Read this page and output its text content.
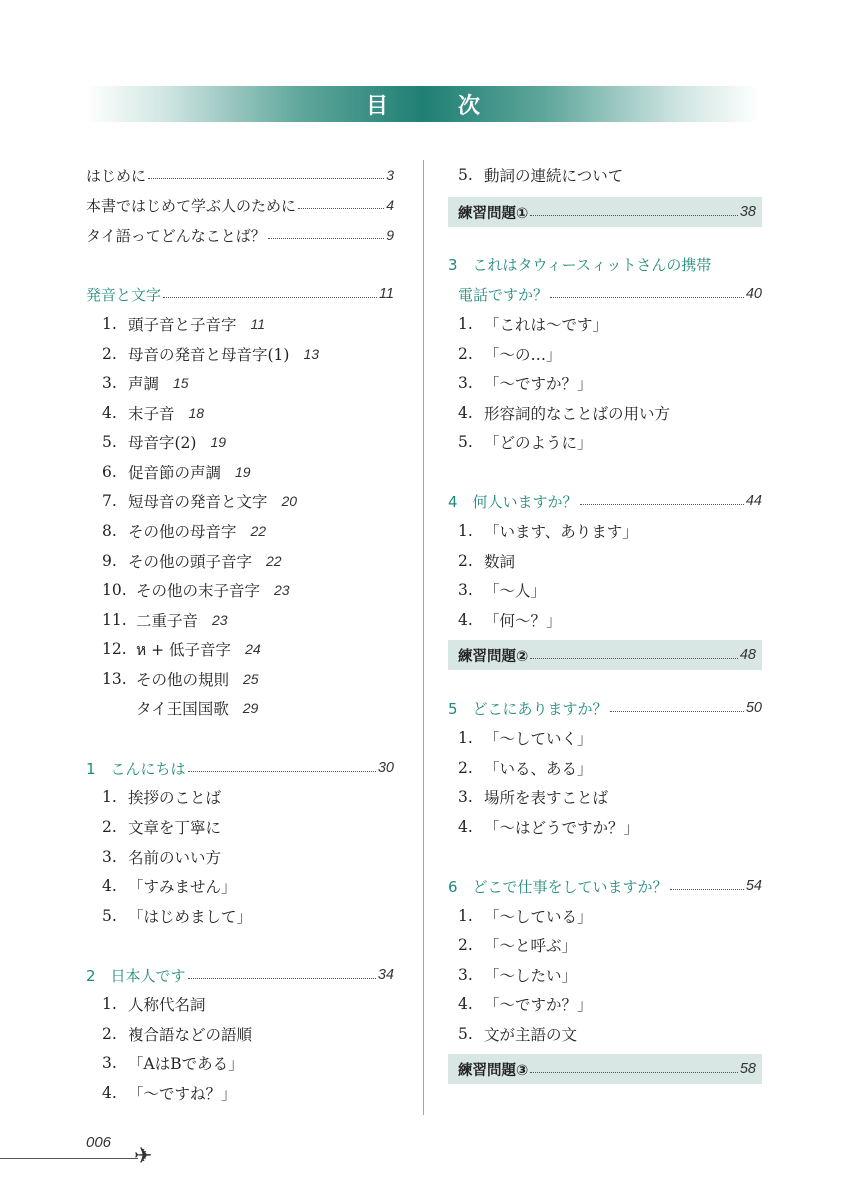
目　次
はじめに	3
本書ではじめて学ぶ人のために	4
タイ語ってどんなことば？	9
発音と文字	11
1. 頭子音と子音字 11
2. 母音の発音と母音字(1) 13
3. 声調 15
4. 末子音 18
5. 母音字(2) 19
6. 促音節の声調 19
7. 短母音の発音と文字 20
8. その他の母音字 22
9. その他の頭子音字 22
10. その他の末子音字 23
11. 二重子音 23
12. ห + 低子音字 24
13. その他の規則 25
タイ王国国歌 29
1　こんにちは	30
1. 挨拶のことば
2. 文章を丁寧に
3. 名前のいい方
4. 「すみません」
5. 「はじめまして」
2　日本人です	34
1. 人称代名詞
2. 複合語などの語順
3. 「AはBである」
4. 「〜ですね？」
5. 動詞の連続について
練習問題①	38
3　これはタウィースィットさんの携帯
電話ですか？	40
1. 「これは〜です」
2. 「〜の…」
3. 「〜ですか？」
4. 形容詞的なことばの用い方
5. 「どのように」
4　何人いますか？	44
1. 「います、あります」
2. 数詞
3. 「〜人」
4. 「何〜？」
練習問題②	48
5　どこにありますか？	50
1. 「〜していく」
2. 「いる、ある」
3. 場所を表すことば
4. 「〜はどうですか？」
6　どこで仕事をしていますか？	54
1. 「〜している」
2. 「〜と呼ぶ」
3. 「〜したい」
4. 「〜ですか？」
5. 文が主語の文
練習問題③	58
006
✈
